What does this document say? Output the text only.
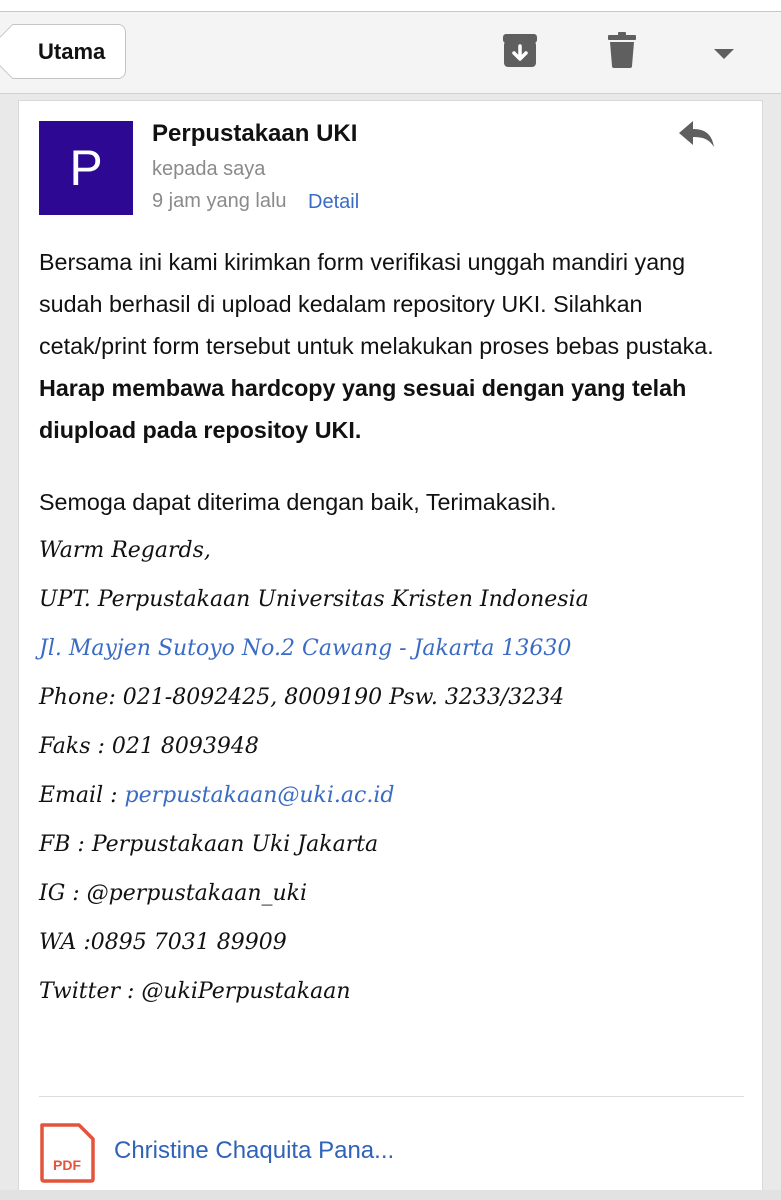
Utama
P
Perpustakaan UKI
kepada saya
9 jam yang lalu Detail
Bersama ini kami kirimkan form verifikasi unggah mandiri yang sudah berhasil di upload kedalam repository UKI. Silahkan cetak/print form tersebut untuk melakukan proses bebas pustaka. Harap membawa hardcopy yang sesuai dengan yang telah diupload pada repositoy UKI.
Semoga dapat diterima dengan baik, Terimakasih.
Warm Regards,
UPT. Perpustakaan Universitas Kristen Indonesia
Jl. Mayjen Sutoyo No.2 Cawang - Jakarta 13630
Phone: 021-8092425, 8009190 Psw. 3233/3234
Faks : 021 8093948
Email : perpustakaan@uki.ac.id
FB : Perpustakaan Uki Jakarta
IG : @perpustakaan_uki
WA :0895 7031 89909
Twitter : @ukiPerpustakaan
PDF
Christine Chaquita Pana...
